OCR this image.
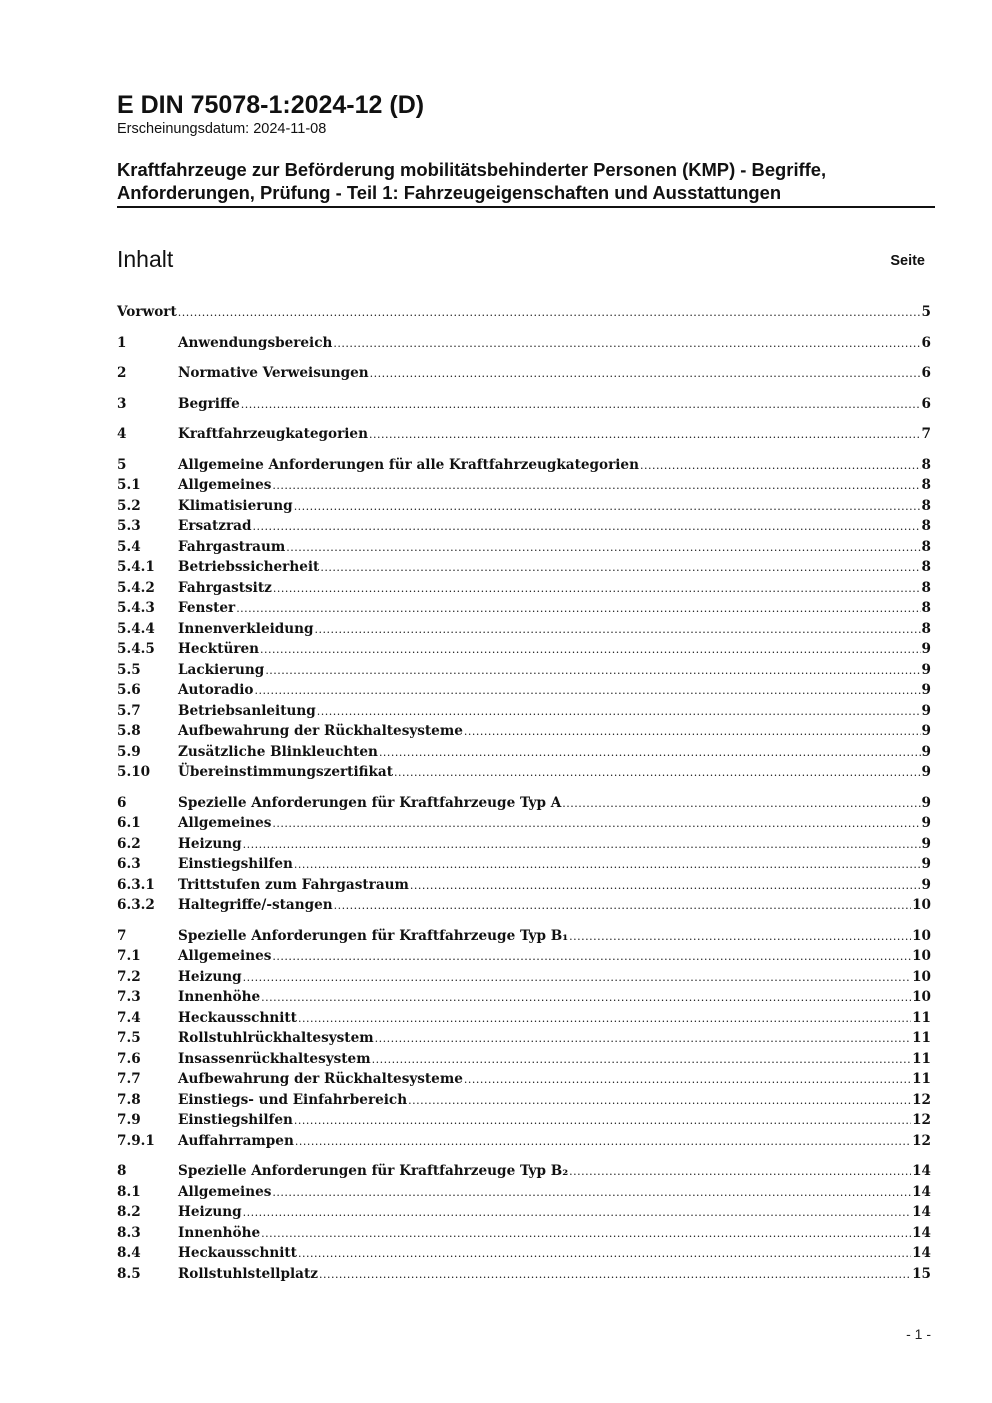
E DIN 75078-1:2024-12 (D)
Erscheinungsdatum: 2024-11-08
Kraftfahrzeuge zur Beförderung mobilitätsbehinderter Personen (KMP) - Begriffe,
Anforderungen, Prüfung - Teil 1: Fahrzeugeigenschaften und Ausstattungen
Inhalt	Seite
Vorwort .....	5
1	Anwendungsbereich .....	6
2	Normative Verweisungen .....	6
3	Begriffe .....	6
4	Kraftfahrzeugkategorien .....	7
5	Allgemeine Anforderungen für alle Kraftfahrzeugkategorien .....	8
5.1	Allgemeines .....	8
5.2	Klimatisierung .....	8
5.3	Ersatzrad .....	8
5.4	Fahrgastraum .....	8
5.4.1	Betriebssicherheit .....	8
5.4.2	Fahrgastsitz .....	8
5.4.3	Fenster .....	8
5.4.4	Innenverkleidung .....	8
5.4.5	Hecktüren .....	9
5.5	Lackierung .....	9
5.6	Autoradio .....	9
5.7	Betriebsanleitung .....	9
5.8	Aufbewahrung der Rückhaltesysteme .....	9
5.9	Zusätzliche Blinkleuchten .....	9
5.10	Übereinstimmungszertifikat .....	9
6	Spezielle Anforderungen für Kraftfahrzeuge Typ A .....	9
6.1	Allgemeines .....	9
6.2	Heizung .....	9
6.3	Einstiegshilfen .....	9
6.3.1	Trittstufen zum Fahrgastraum .....	9
6.3.2	Haltegriffe/-stangen .....	10
7	Spezielle Anforderungen für Kraftfahrzeuge Typ B₁ .....	10
7.1	Allgemeines .....	10
7.2	Heizung .....	10
7.3	Innenhöhe .....	10
7.4	Heckausschnitt .....	11
7.5	Rollstuhlrückhaltesystem .....	11
7.6	Insassenrückhaltesystem .....	11
7.7	Aufbewahrung der Rückhaltesysteme .....	11
7.8	Einstiegs- und Einfahrbereich .....	12
7.9	Einstiegshilfen .....	12
7.9.1	Auffahrrampen .....	12
8	Spezielle Anforderungen für Kraftfahrzeuge Typ B₂ .....	14
8.1	Allgemeines .....	14
8.2	Heizung .....	14
8.3	Innenhöhe .....	14
8.4	Heckausschnitt .....	14
8.5	Rollstuhlstellplatz .....	15
- 1 -
